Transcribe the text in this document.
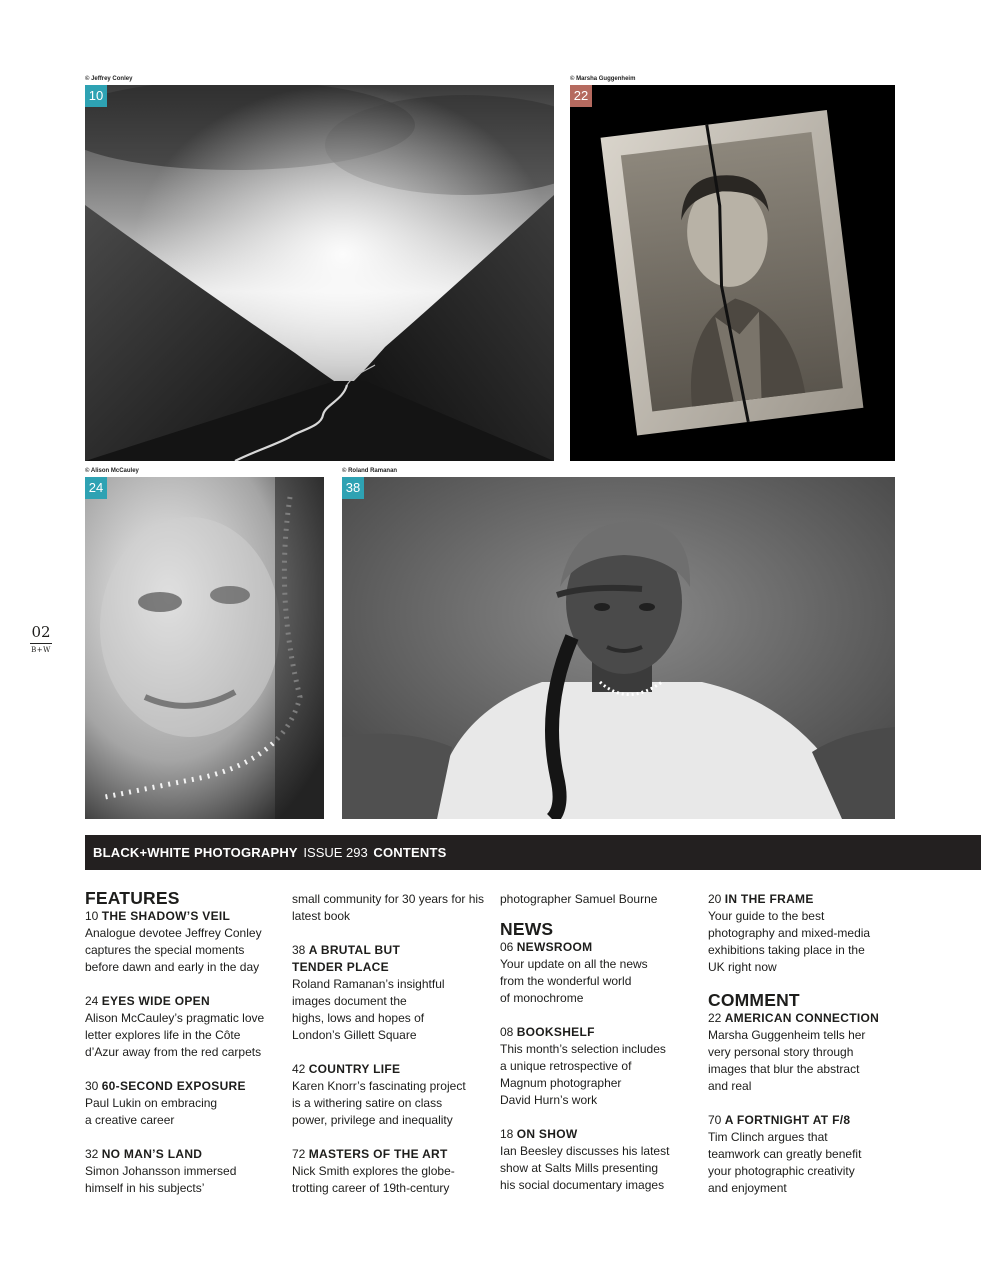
© Jeffrey Conley
10
© Marsha Guggenheim
22
© Alison McCauley
24
© Roland Ramanan
38
02
B+W
BLACK+WHITE PHOTOGRAPHY ISSUE 293 CONTENTS
FEATURES
10 THE SHADOW’S VEIL
Analogue devotee Jeffrey Conley
captures the special moments
before dawn and early in the day
24 EYES WIDE OPEN
Alison McCauley’s pragmatic love
letter explores life in the Côte
d’Azur away from the red carpets
30 60-SECOND EXPOSURE
Paul Lukin on embracing
a creative career
32 NO MAN’S LAND
Simon Johansson immersed
himself in his subjects’
small community for 30 years for his latest book
38 A BRUTAL BUT
TENDER PLACE
Roland Ramanan’s insightful
images document the
highs, lows and hopes of
London’s Gillett Square
42 COUNTRY LIFE
Karen Knorr’s fascinating project
is a withering satire on class
power, privilege and inequality
72 MASTERS OF THE ART
Nick Smith explores the globe-
trotting career of 19th-century
photographer Samuel Bourne
NEWS
06 NEWSROOM
Your update on all the news
from the wonderful world
of monochrome
08 BOOKSHELF
This month’s selection includes
a unique retrospective of
Magnum photographer
David Hurn’s work
18 ON SHOW
Ian Beesley discusses his latest
show at Salts Mills presenting
his social documentary images
20 IN THE FRAME
Your guide to the best
photography and mixed-media
exhibitions taking place in the
UK right now
COMMENT
22 AMERICAN CONNECTION
Marsha Guggenheim tells her
very personal story through
images that blur the abstract
and real
70 A FORTNIGHT AT F/8
Tim Clinch argues that
teamwork can greatly benefit
your photographic creativity
and enjoyment
